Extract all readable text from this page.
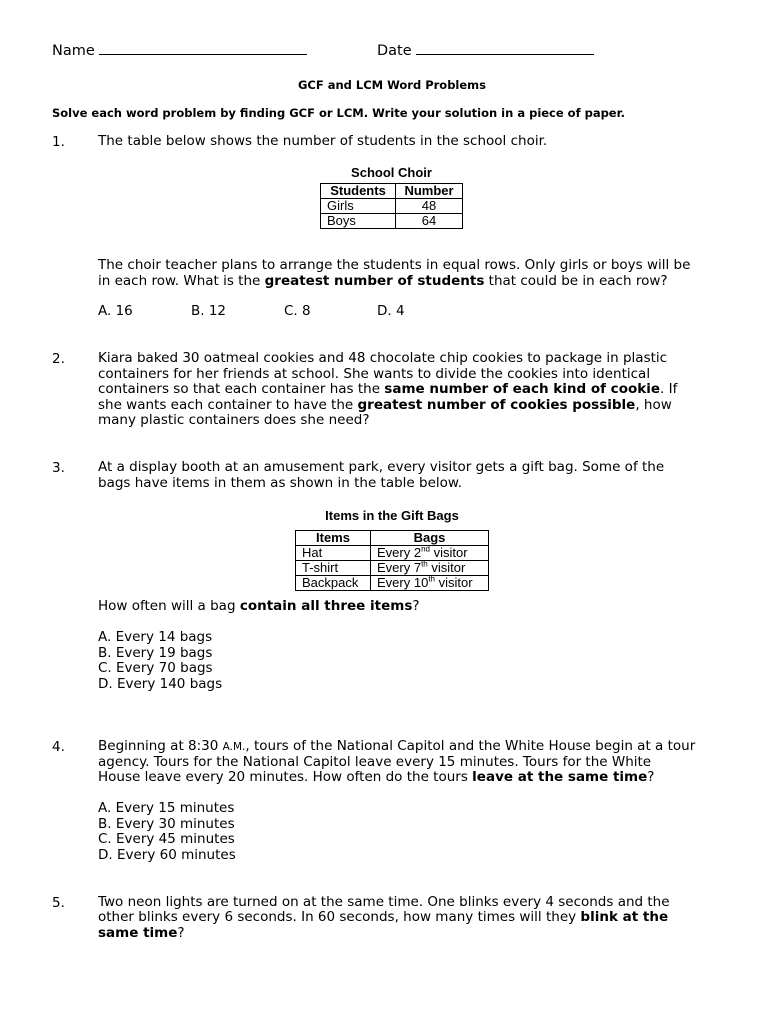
Name	Date
GCF and LCM Word Problems
Solve each word problem by finding GCF or LCM. Write your solution in a piece of paper.
1. The table below shows the number of students in the school choir.
School Choir
Students	Number
Girls	48
Boys	64
The choir teacher plans to arrange the students in equal rows. Only girls or boys will be
in each row. What is the greatest number of students that could be in each row?
A. 16	B. 12	C. 8	D. 4
2. Kiara baked 30 oatmeal cookies and 48 chocolate chip cookies to package in plastic
containers for her friends at school. She wants to divide the cookies into identical
containers so that each container has the same number of each kind of cookie. If
she wants each container to have the greatest number of cookies possible, how
many plastic containers does she need?
3. At a display booth at an amusement park, every visitor gets a gift bag. Some of the
bags have items in them as shown in the table below.
Items in the Gift Bags
Items	Bags
Hat	Every 2nd visitor
T-shirt	Every 7th visitor
Backpack	Every 10th visitor
How often will a bag contain all three items?
A. Every 14 bags
B. Every 19 bags
C. Every 70 bags
D. Every 140 bags
4. Beginning at 8:30 A.M., tours of the National Capitol and the White House begin at a tour
agency. Tours for the National Capitol leave every 15 minutes. Tours for the White
House leave every 20 minutes. How often do the tours leave at the same time?
A. Every 15 minutes
B. Every 30 minutes
C. Every 45 minutes
D. Every 60 minutes
5. Two neon lights are turned on at the same time. One blinks every 4 seconds and the
other blinks every 6 seconds. In 60 seconds, how many times will they blink at the
same time?
